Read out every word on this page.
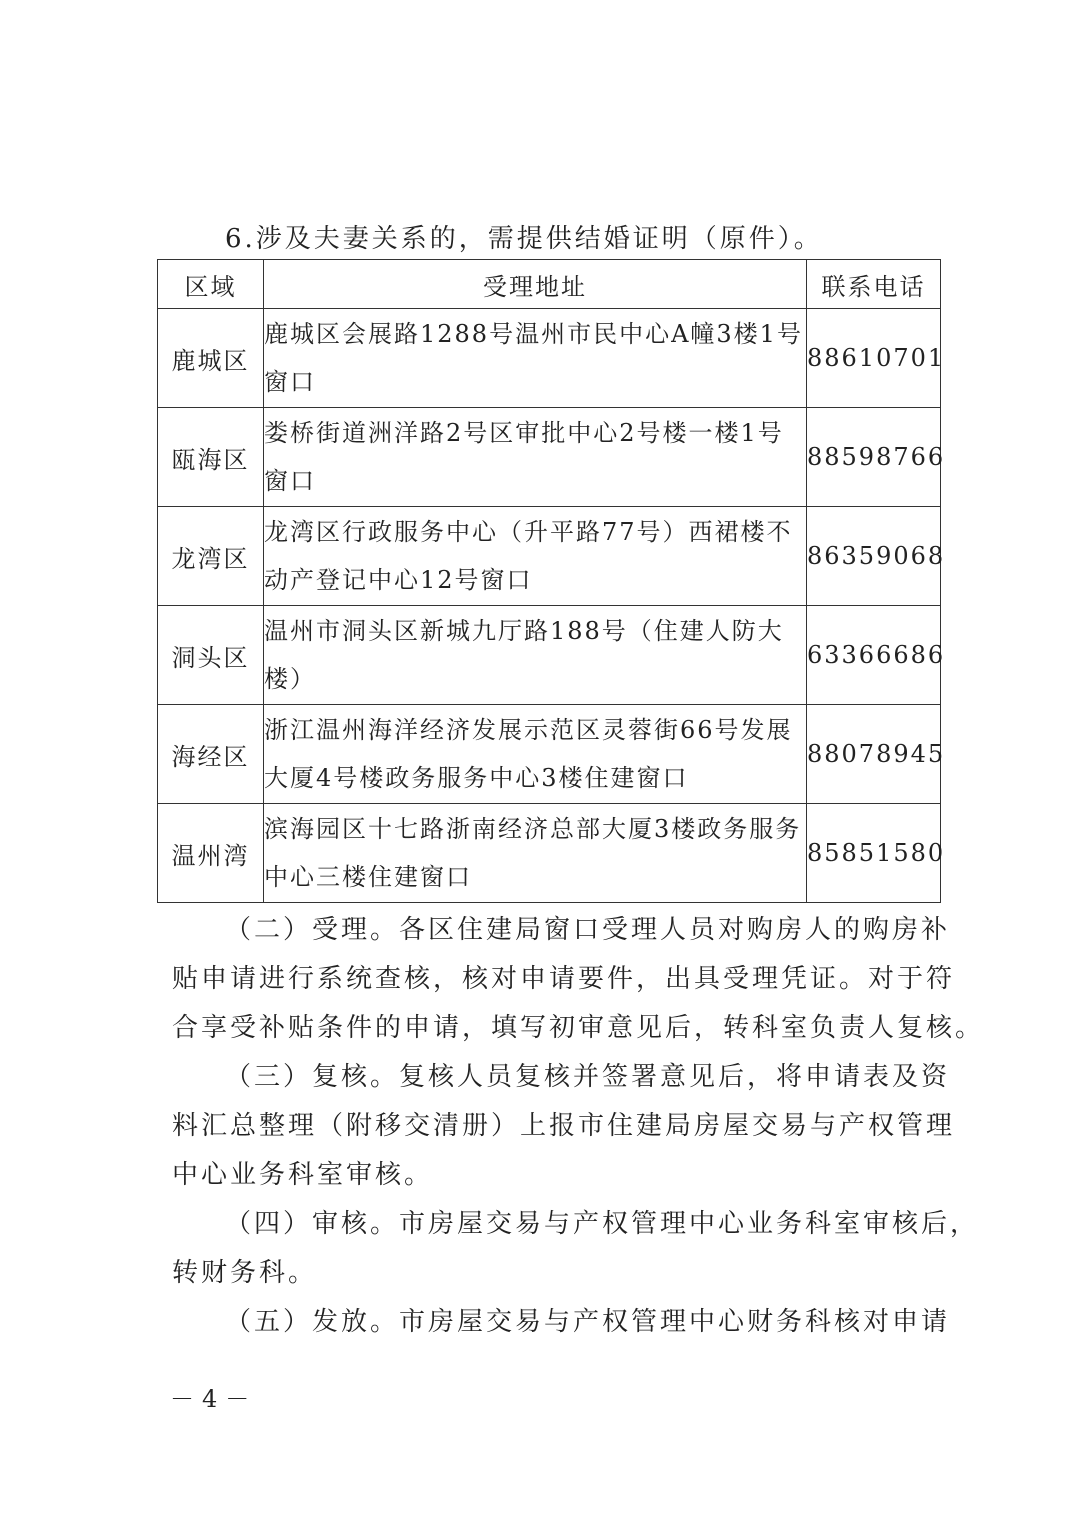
6.涉及夫妻关系的，需提供结婚证明（原件）。

区域	受理地址	联系电话
鹿城区	鹿城区会展路1288号温州市民中心A幢3楼1号窗口	88610701
瓯海区	娄桥街道洲洋路2号区审批中心2号楼一楼1号窗口	88598766
龙湾区	龙湾区行政服务中心（升平路77号）西裙楼不动产登记中心12号窗口	86359068
洞头区	温州市洞头区新城九厅路188号（住建人防大楼）	63366686
海经区	浙江温州海洋经济发展示范区灵蓉街66号发展大厦4号楼政务服务中心3楼住建窗口	88078945
温州湾	滨海园区十七路浙南经济总部大厦3楼政务服务中心三楼住建窗口	85851580

（二）受理。各区住建局窗口受理人员对购房人的购房补

贴申请进行系统查核，核对申请要件，出具受理凭证。对于符

合享受补贴条件的申请，填写初审意见后，转科室负责人复核。

（三）复核。复核人员复核并签署意见后，将申请表及资

料汇总整理（附移交清册）上报市住建局房屋交易与产权管理

中心业务科室审核。

（四）审核。市房屋交易与产权管理中心业务科室审核后，

转财务科。

（五）发放。市房屋交易与产权管理中心财务科核对申请

－4－
